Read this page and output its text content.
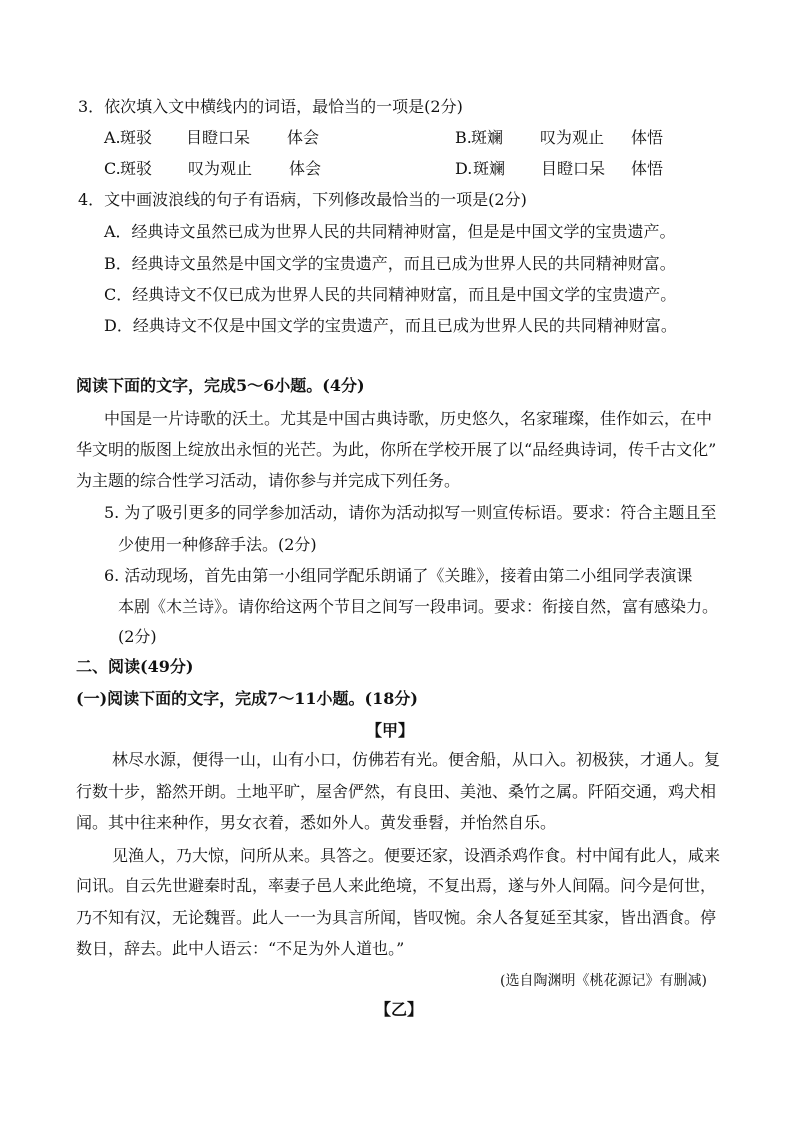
3．依次填入文中横线内的词语，最恰当的一项是(2分)
A. 斑驳 目瞪口呆 体会	B. 斑斓 叹为观止 体悟
C. 斑驳 叹为观止 体会	D. 斑斓 目瞪口呆 体悟
4．文中画波浪线的句子有语病，下列修改最恰当的一项是(2分)
A．经典诗文虽然已成为世界人民的共同精神财富，但是是中国文学的宝贵遗产。
B．经典诗文虽然是中国文学的宝贵遗产，而且已成为世界人民的共同精神财富。
C．经典诗文不仅已成为世界人民的共同精神财富，而且是中国文学的宝贵遗产。
D．经典诗文不仅是中国文学的宝贵遗产，而且已成为世界人民的共同精神财富。
阅读下面的文字，完成5～6小题。(4分)
中国是一片诗歌的沃土。尤其是中国古典诗歌，历史悠久，名家璀璨，佳作如云，在中
华文明的版图上绽放出永恒的光芒。为此，你所在学校开展了以“品经典诗词，传千古文化”
为主题的综合性学习活动，请你参与并完成下列任务。
5. 为了吸引更多的同学参加活动，请你为活动拟写一则宣传标语。要求：符合主题且至
少使用一种修辞手法。(2分)
6. 活动现场，首先由第一小组同学配乐朗诵了《关雎》，接着由第二小组同学表演课
本剧《木兰诗》。请你给这两个节目之间写一段串词。要求：衔接自然，富有感染力。
(2分)
二、阅读(49分)
(一)阅读下面的文字，完成7～11小题。(18分)
【甲】
林尽水源，便得一山，山有小口，仿佛若有光。便舍船，从口入。初极狭，才通人。复
行数十步，豁然开朗。土地平旷，屋舍俨然，有良田、美池、桑竹之属。阡陌交通，鸡犬相
闻。其中往来种作，男女衣着，悉如外人。黄发垂髫，并怡然自乐。
见渔人，乃大惊，问所从来。具答之。便要还家，设酒杀鸡作食。村中闻有此人，咸来
问讯。自云先世避秦时乱，率妻子邑人来此绝境，不复出焉，遂与外人间隔。问今是何世，
乃不知有汉，无论魏晋。此人一一为具言所闻，皆叹惋。余人各复延至其家，皆出酒食。停
数日，辞去。此中人语云：“不足为外人道也。”
(选自陶渊明《桃花源记》有删减)
【乙】
